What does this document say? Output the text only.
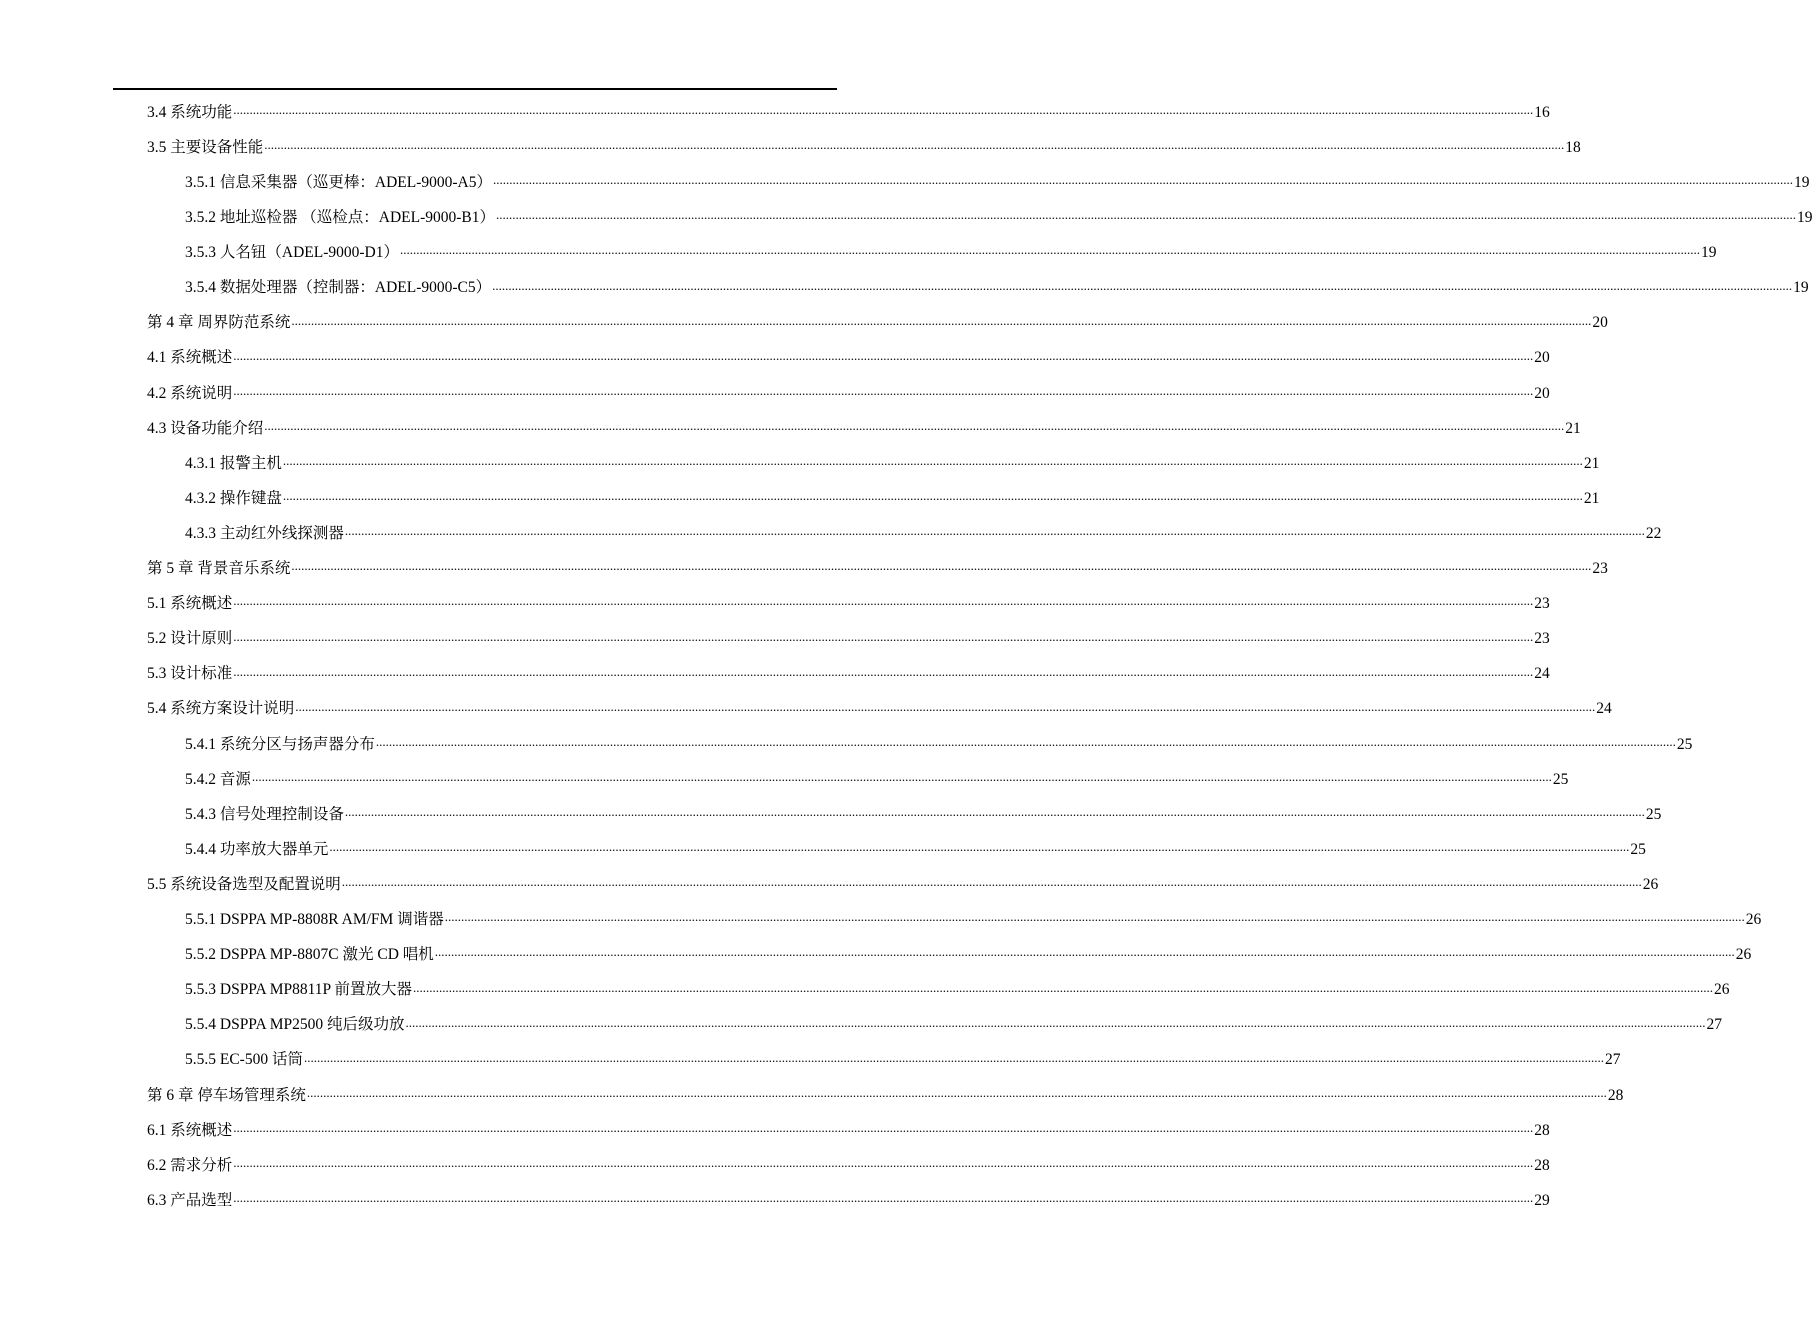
3.4 系统功能 ................................................................................................................................................................................................................................................................................................................................................................................................................ 16
3.5 主要设备性能 ................................................................................................................................................................................................................................................................................................................................................................................................................ 18
3.5.1 信息采集器（巡更棒：ADEL-9000-A5） ................................................................................................................................................................................................................................................................................................................................................................................................................ 19
3.5.2 地址巡检器 （巡检点：ADEL-9000-B1） ................................................................................................................................................................................................................................................................................................................................................................................................................ 19
3.5.3 人名钮（ADEL-9000-D1） ................................................................................................................................................................................................................................................................................................................................................................................................................ 19
3.5.4 数据处理器（控制器：ADEL-9000-C5） ................................................................................................................................................................................................................................................................................................................................................................................................................ 19
第 4 章 周界防范系统 ................................................................................................................................................................................................................................................................................................................................................................................................................ 20
4.1 系统概述 ................................................................................................................................................................................................................................................................................................................................................................................................................ 20
4.2 系统说明 ................................................................................................................................................................................................................................................................................................................................................................................................................ 20
4.3 设备功能介绍 ................................................................................................................................................................................................................................................................................................................................................................................................................ 21
4.3.1 报警主机 ................................................................................................................................................................................................................................................................................................................................................................................................................ 21
4.3.2 操作键盘 ................................................................................................................................................................................................................................................................................................................................................................................................................ 21
4.3.3 主动红外线探测器 ................................................................................................................................................................................................................................................................................................................................................................................................................ 22
第 5 章 背景音乐系统 ................................................................................................................................................................................................................................................................................................................................................................................................................ 23
5.1 系统概述 ................................................................................................................................................................................................................................................................................................................................................................................................................ 23
5.2 设计原则 ................................................................................................................................................................................................................................................................................................................................................................................................................ 23
5.3 设计标准 ................................................................................................................................................................................................................................................................................................................................................................................................................ 24
5.4 系统方案设计说明 ................................................................................................................................................................................................................................................................................................................................................................................................................ 24
5.4.1 系统分区与扬声器分布 ................................................................................................................................................................................................................................................................................................................................................................................................................ 25
5.4.2 音源 ................................................................................................................................................................................................................................................................................................................................................................................................................ 25
5.4.3 信号处理控制设备 ................................................................................................................................................................................................................................................................................................................................................................................................................ 25
5.4.4 功率放大器单元 ................................................................................................................................................................................................................................................................................................................................................................................................................ 25
5.5 系统设备选型及配置说明 ................................................................................................................................................................................................................................................................................................................................................................................................................ 26
5.5.1 DSPPA MP-8808R AM/FM 调谐器 ................................................................................................................................................................................................................................................................................................................................................................................................................ 26
5.5.2 DSPPA MP-8807C 激光 CD 唱机 ................................................................................................................................................................................................................................................................................................................................................................................................................ 26
5.5.3 DSPPA MP8811P 前置放大器 ................................................................................................................................................................................................................................................................................................................................................................................................................ 26
5.5.4 DSPPA MP2500 纯后级功放 ................................................................................................................................................................................................................................................................................................................................................................................................................ 27
5.5.5 EC-500 话筒 ................................................................................................................................................................................................................................................................................................................................................................................................................ 27
第 6 章 停车场管理系统 ................................................................................................................................................................................................................................................................................................................................................................................................................ 28
6.1 系统概述 ................................................................................................................................................................................................................................................................................................................................................................................................................ 28
6.2 需求分析 ................................................................................................................................................................................................................................................................................................................................................................................................................ 28
6.3 产品选型 ................................................................................................................................................................................................................................................................................................................................................................................................................ 29
